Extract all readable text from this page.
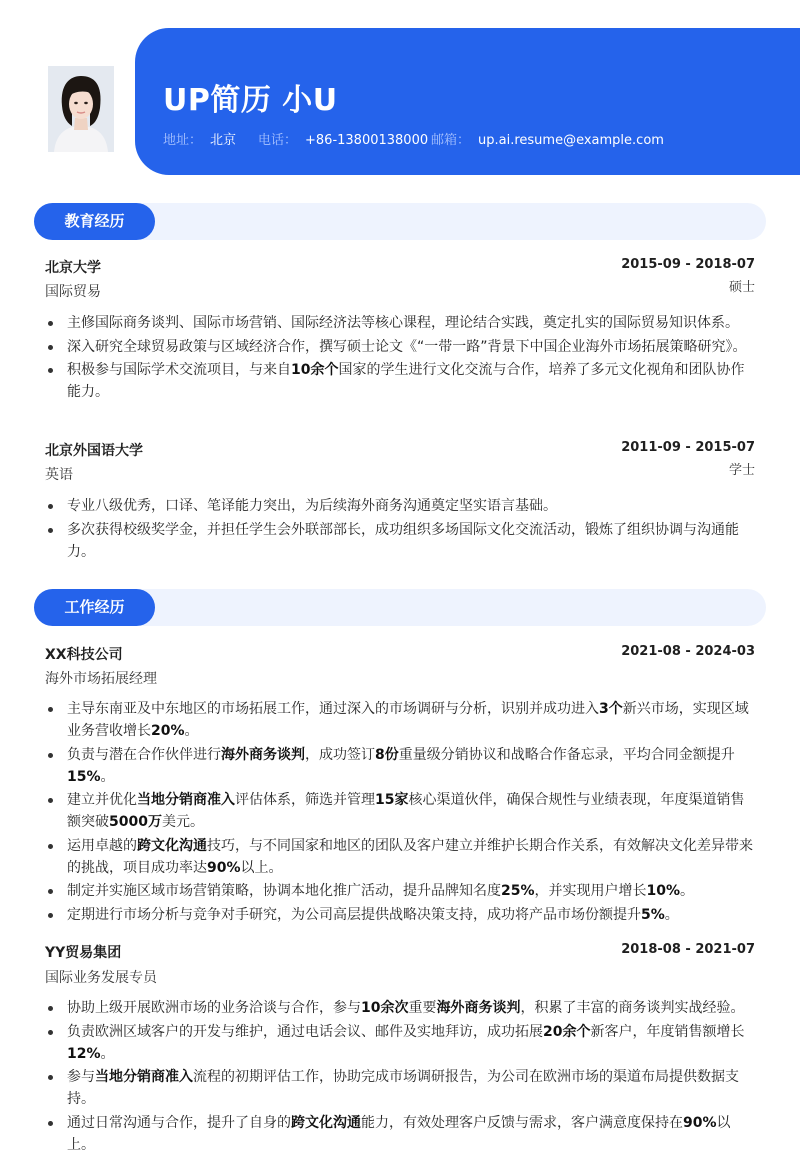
UP简历 小U
地址： 北京 电话： +86-13800138000 邮箱： up.ai.resume@example.com
教育经历
北京大学	2015-09 - 2018-07
国际贸易	硕士
主修国际商务谈判、国际市场营销、国际经济法等核心课程，理论结合实践，奠定扎实的国际贸易知识体系。
深入研究全球贸易政策与区域经济合作，撰写硕士论文《“一带一路”背景下中国企业海外市场拓展策略研究》。
积极参与国际学术交流项目，与来自10余个国家的学生进行文化交流与合作，培养了多元文化视角和团队协作能力。
北京外国语大学	2011-09 - 2015-07
英语	学士
专业八级优秀，口译、笔译能力突出，为后续海外商务沟通奠定坚实语言基础。
多次获得校级奖学金，并担任学生会外联部部长，成功组织多场国际文化交流活动，锻炼了组织协调与沟通能力。
工作经历
XX科技公司	2021-08 - 2024-03
海外市场拓展经理
主导东南亚及中东地区的市场拓展工作，通过深入的市场调研与分析，识别并成功进入3个新兴市场，实现区域业务营收增长20%。
负责与潜在合作伙伴进行海外商务谈判，成功签订8份重量级分销协议和战略合作备忘录，平均合同金额提升15%。
建立并优化当地分销商准入评估体系，筛选并管理15家核心渠道伙伴，确保合规性与业绩表现，年度渠道销售额突破5000万美元。
运用卓越的跨文化沟通技巧，与不同国家和地区的团队及客户建立并维护长期合作关系，有效解决文化差异带来的挑战，项目成功率达90%以上。
制定并实施区域市场营销策略，协调本地化推广活动，提升品牌知名度25%，并实现用户增长10%。
定期进行市场分析与竞争对手研究，为公司高层提供战略决策支持，成功将产品市场份额提升5%。
YY贸易集团	2018-08 - 2021-07
国际业务发展专员
协助上级开展欧洲市场的业务洽谈与合作，参与10余次重要海外商务谈判，积累了丰富的商务谈判实战经验。
负责欧洲区域客户的开发与维护，通过电话会议、邮件及实地拜访，成功拓展20余个新客户，年度销售额增长12%。
参与当地分销商准入流程的初期评估工作，协助完成市场调研报告，为公司在欧洲市场的渠道布局提供数据支持。
通过日常沟通与合作，提升了自身的跨文化沟通能力，有效处理客户反馈与需求，客户满意度保持在90%以上。
